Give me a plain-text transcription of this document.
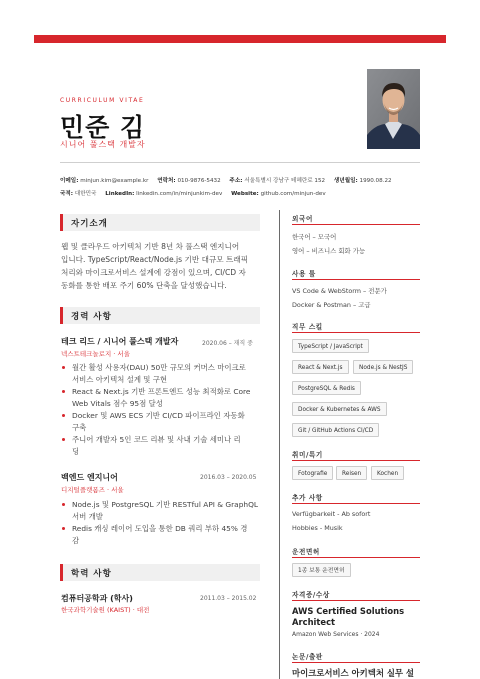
CURRICULUM VITAE
민준 김
시니어 풀스택 개발자
이메일: minjun.kim@example.kr 연락처: 010-9876-5432 주소: 서울특별시 강남구 테헤란로 152 생년월일: 1990.08.22
국적: 대한민국 LinkedIn: linkedin.com/in/minjunkim-dev Website: github.com/minjun-dev
자기소개
웹 및 클라우드 아키텍처 기반 8년 차 풀스택 엔지니어
입니다. TypeScript/React/Node.js 기반 대규모 트래픽
처리와 마이크로서비스 설계에 강점이 있으며, CI/CD 자
동화를 통한 배포 주기 60% 단축을 달성했습니다.
경력 사항
테크 리드 / 시니어 풀스택 개발자	2020.06 – 재직 중
넥스트테크놀로지 · 서울
월간 활성 사용자(DAU) 50만 규모의 커머스 마이크로
서비스 아키텍처 설계 및 구현
React & Next.js 기반 프론트엔드 성능 최적화로 Core
Web Vitals 점수 95점 달성
Docker 및 AWS ECS 기반 CI/CD 파이프라인 자동화
구축
주니어 개발자 5인 코드 리뷰 및 사내 기술 세미나 리
딩
백엔드 엔지니어	2016.03 – 2020.05
디지털플랫폼즈 · 서울
Node.js 및 PostgreSQL 기반 RESTful API & GraphQL
서버 개발
Redis 캐싱 레이어 도입을 통한 DB 쿼리 부하 45% 경
감
학력 사항
컴퓨터공학과 (학사)	2011.03 – 2015.02
한국과학기술원 (KAIST) · 대전
외국어
한국어 – 모국어
영어 – 비즈니스 회화 가능
사용 툴
VS Code & WebStorm – 전문가
Docker & Postman – 고급
직무 스킬
TypeScript / JavaScript
React & Next.js	Node.js & NestJS
PostgreSQL & Redis
Docker & Kubernetes & AWS
Git / GitHub Actions CI/CD
취미/특기
Fotografie	Reisen	Kochen
추가 사항
Verfügbarkeit - Ab sofort
Hobbies - Musik
운전면허
1종 보통 운전면허
자격증/수상
AWS Certified Solutions
Architect
Amazon Web Services · 2024
논문/출판
마이크로서비스 아키텍처 실무 설
